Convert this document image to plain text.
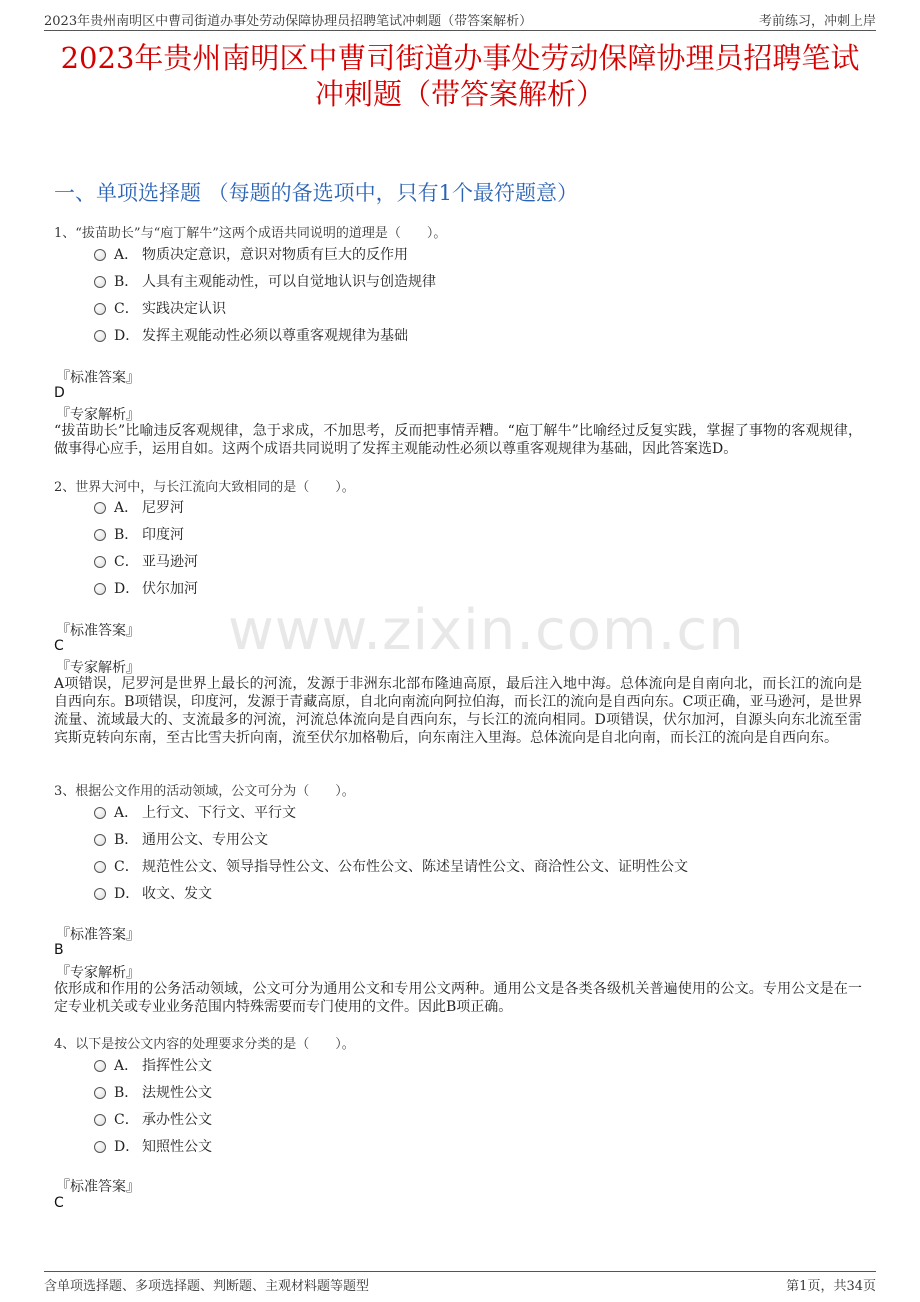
2023年贵州南明区中曹司街道办事处劳动保障协理员招聘笔试冲刺题（带答案解析）	考前练习，冲刺上岸
2023年贵州南明区中曹司街道办事处劳动保障协理员招聘笔试
冲刺题（带答案解析）
一、单项选择题 （每题的备选项中，只有1个最符题意）
www.zixin.com.cn
1、“拔苗助长”与“庖丁解牛”这两个成语共同说明的道理是（　　）。
A． 物质决定意识，意识对物质有巨大的反作用
B． 人具有主观能动性，可以自觉地认识与创造规律
C． 实践决定认识
D． 发挥主观能动性必须以尊重客观规律为基础
『标准答案』
D
『专家解析』
“拔苗助长”比喻违反客观规律，急于求成，不加思考，反而把事情弄糟。“庖丁解牛”比喻经过反复实践，掌握了事物的客观规律，做事得心应手，运用自如。这两个成语共同说明了发挥主观能动性必须以尊重客观规律为基础，因此答案选D。
2、世界大河中，与长江流向大致相同的是（　　）。
A． 尼罗河
B． 印度河
C． 亚马逊河
D． 伏尔加河
『标准答案』
C
『专家解析』
A项错误，尼罗河是世界上最长的河流，发源于非洲东北部布隆迪高原，最后注入地中海。总体流向是自南向北，而长江的流向是自西向东。B项错误，印度河，发源于青藏高原，自北向南流向阿拉伯海，而长江的流向是自西向东。C项正确，亚马逊河，是世界流量、流域最大的、支流最多的河流，河流总体流向是自西向东，与长江的流向相同。D项错误，伏尔加河，自源头向东北流至雷宾斯克转向东南，至古比雪夫折向南，流至伏尔加格勒后，向东南注入里海。总体流向是自北向南，而长江的流向是自西向东。
3、根据公文作用的活动领域，公文可分为（　　）。
A． 上行文、下行文、平行文
B． 通用公文、专用公文
C． 规范性公文、领导指导性公文、公布性公文、陈述呈请性公文、商洽性公文、证明性公文
D． 收文、发文
『标准答案』
B
『专家解析』
依形成和作用的公务活动领域，公文可分为通用公文和专用公文两种。通用公文是各类各级机关普遍使用的公文。专用公文是在一定专业机关或专业业务范围内特殊需要而专门使用的文件。因此B项正确。
4、以下是按公文内容的处理要求分类的是（　　）。
A． 指挥性公文
B． 法规性公文
C． 承办性公文
D． 知照性公文
『标准答案』
C
含单项选择题、多项选择题、判断题、主观材料题等题型	第1页，共34页
